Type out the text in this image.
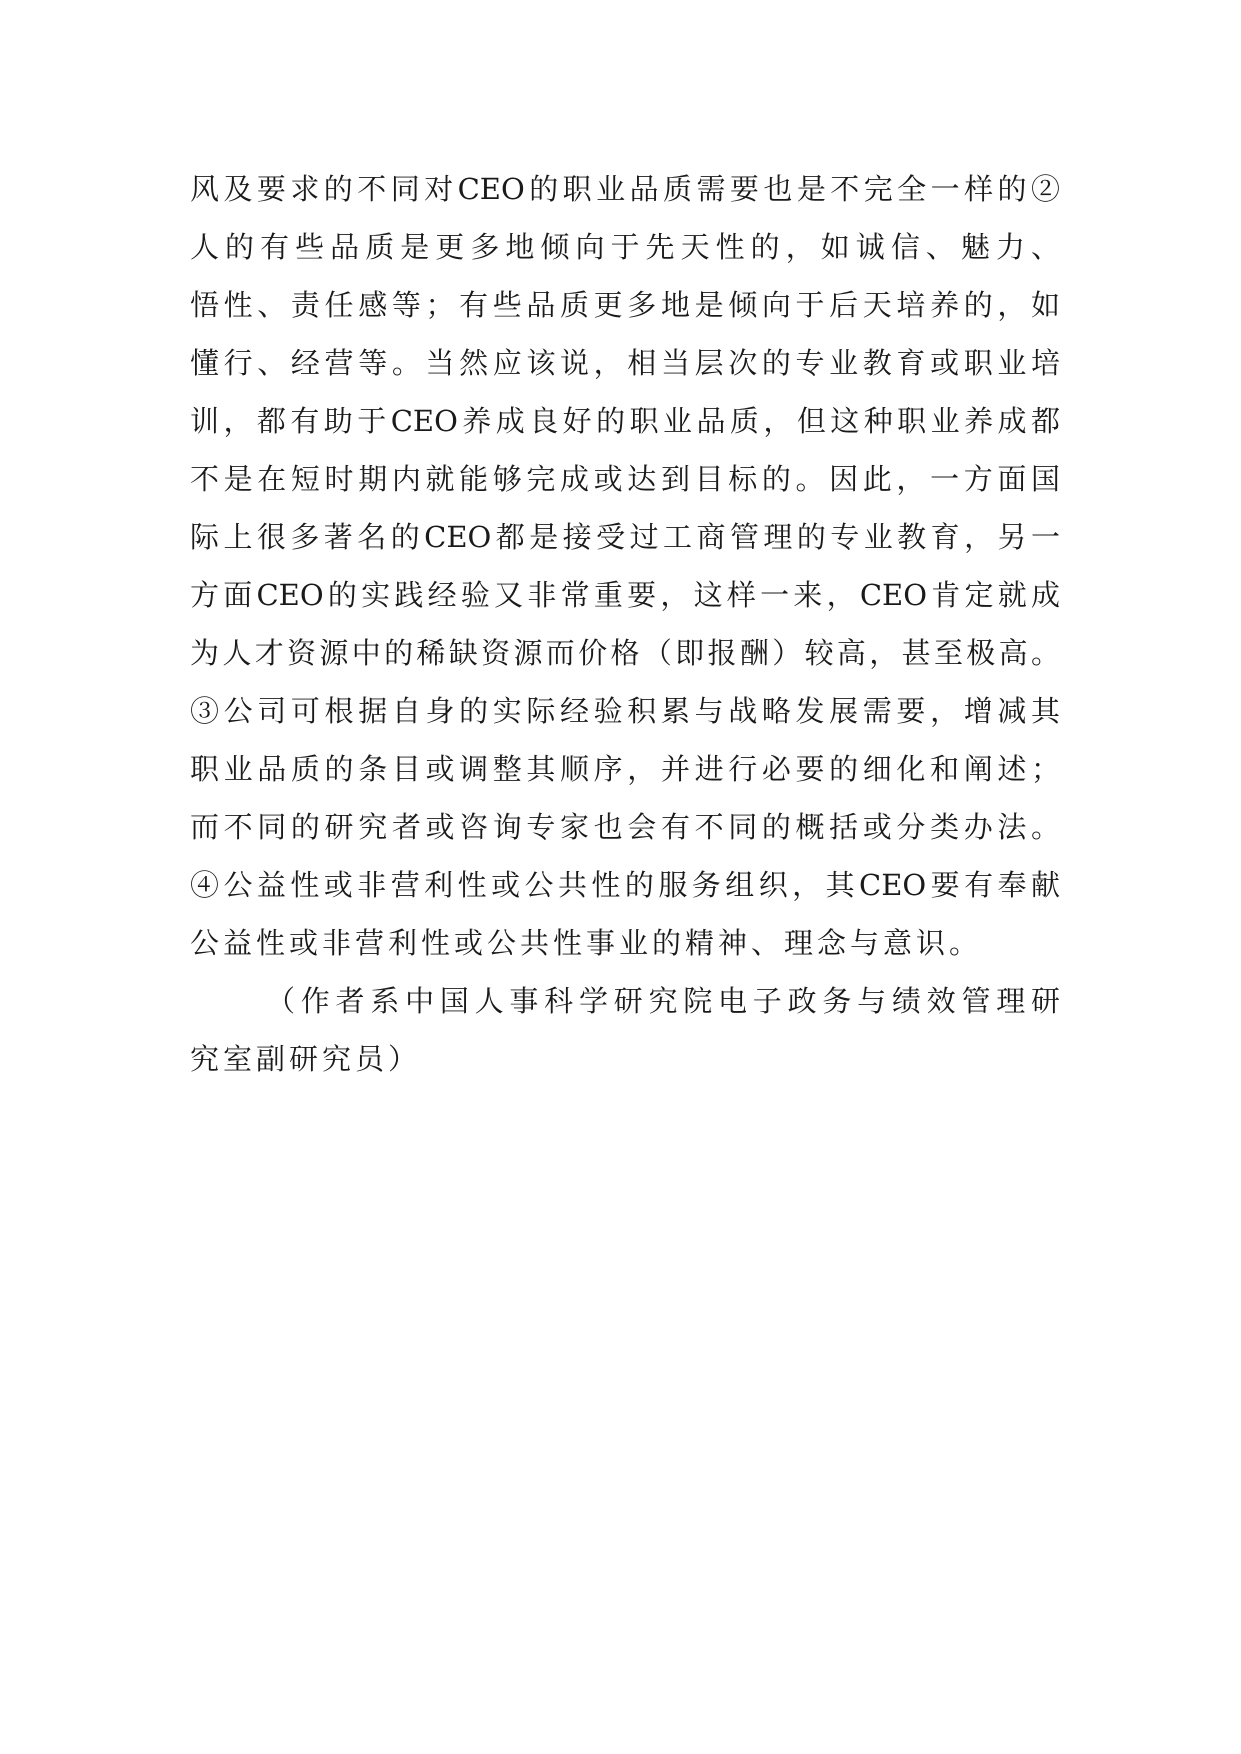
风及要求的不同对CEO的职业品质需要也是不完全一样的②
人的有些品质是更多地倾向于先天性的，如诚信、魅力、
悟性、责任感等；有些品质更多地是倾向于后天培养的，如
懂行、经营等。当然应该说，相当层次的专业教育或职业培
训，都有助于CEO养成良好的职业品质，但这种职业养成都
不是在短时期内就能够完成或达到目标的。因此，一方面国
际上很多著名的CEO都是接受过工商管理的专业教育，另一
方面CEO的实践经验又非常重要，这样一来，CEO肯定就成
为人才资源中的稀缺资源而价格（即报酬）较高，甚至极高。
③公司可根据自身的实际经验积累与战略发展需要，增减其
职业品质的条目或调整其顺序，并进行必要的细化和阐述；
而不同的研究者或咨询专家也会有不同的概括或分类办法。
④公益性或非营利性或公共性的服务组织，其CEO要有奉献
公益性或非营利性或公共性事业的精神、理念与意识。
（作者系中国人事科学研究院电子政务与绩效管理研
究室副研究员）
